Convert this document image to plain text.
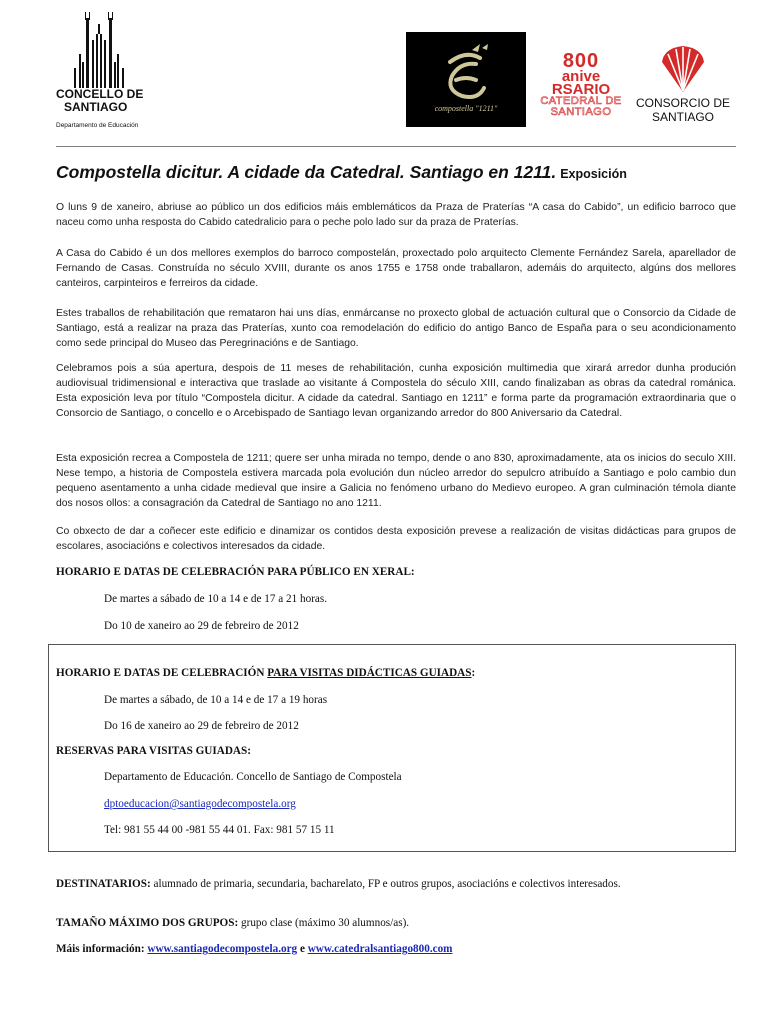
CONCELLO DE
SANTIAGO
Departamento de Educación
compostella "1211"
800
anive
RSARIO
CATEDRAL DE
SANTIAGO
CONSORCIO DE
SANTIAGO
Compostella dicitur. A cidade da Catedral. Santiago en 1211. Exposición
O luns 9 de xaneiro, abriuse ao público un dos edificios máis emblemáticos da Praza de Praterías “A casa do Cabido”, un edificio barroco que naceu como unha resposta do Cabido catedralicio para o peche polo lado sur da praza de Praterías.
A Casa do Cabido é un dos mellores exemplos do barroco compostelán, proxectado polo arquitecto Clemente Fernández Sarela, aparellador de Fernando de Casas. Construída no século XVIII, durante os anos 1755 e 1758 onde traballaron, ademáis do arquitecto, algúns dos mellores canteiros, carpinteiros e ferreiros da cidade.
Estes traballos de rehabilitación que remataron hai uns días, enmárcanse no proxecto global de actuación cultural que o Consorcio da Cidade de Santiago, está a realizar na praza das Praterías, xunto coa remodelación do edificio do antigo Banco de España para o seu acondicionamento como sede principal do Museo das Peregrinacións e de Santiago.
Celebramos pois a súa apertura, despois de 11 meses de rehabilitación, cunha exposición multimedia que xirará arredor dunha produción audiovisual tridimensional e interactiva que traslade ao visitante á Compostela do século XIII, cando finalizaban as obras da catedral románica. Esta exposición leva por título “Compostela dicitur. A cidade da catedral. Santiago en 1211” e forma parte da programación extraordinaria que o Consorcio de Santiago, o concello e o Arcebispado de Santiago levan organizando arredor do 800 Aniversario da Catedral.
Esta exposición recrea a Compostela de 1211; quere ser unha mirada no tempo, dende o ano 830, aproximadamente, ata os inicios do seculo XIII. Nese tempo, a historia de Compostela estivera marcada pola evolución dun núcleo arredor do sepulcro atribuído a Santiago e polo cambio dun pequeno asentamento a unha cidade medieval que insire a Galicia no fenómeno urbano do Medievo europeo. A gran culminación témola diante dos nosos ollos: a consagración da Catedral de Santiago no ano 1211.
Co obxecto de dar a coñecer este edificio e dinamizar os contidos desta exposición prevese a realización de visitas didácticas para grupos de escolares, asociacións e colectivos interesados da cidade.
HORARIO E DATAS DE CELEBRACIÓN PARA PÚBLICO EN XERAL:
De martes a sábado de 10 a 14 e de 17 a 21 horas.
Do 10 de xaneiro ao 29 de febreiro de 2012
HORARIO E DATAS DE CELEBRACIÓN PARA VISITAS DIDÁCTICAS GUIADAS:
De martes a sábado, de 10 a 14 e de 17 a 19 horas
Do 16 de xaneiro ao 29 de febreiro de 2012
RESERVAS PARA VISITAS GUIADAS:
Departamento de Educación. Concello de Santiago de Compostela
dptoeducacion@santiagodecompostela.org
Tel: 981 55 44 00 -981 55 44 01. Fax: 981 57 15 11
DESTINATARIOS: alumnado de primaria, secundaria, bacharelato, FP e outros grupos, asociacións e colectivos interesados.
TAMAÑO MÁXIMO DOS GRUPOS: grupo clase (máximo 30 alumnos/as).
Máis información: www.santiagodecompostela.org e www.catedralsantiago800.com
